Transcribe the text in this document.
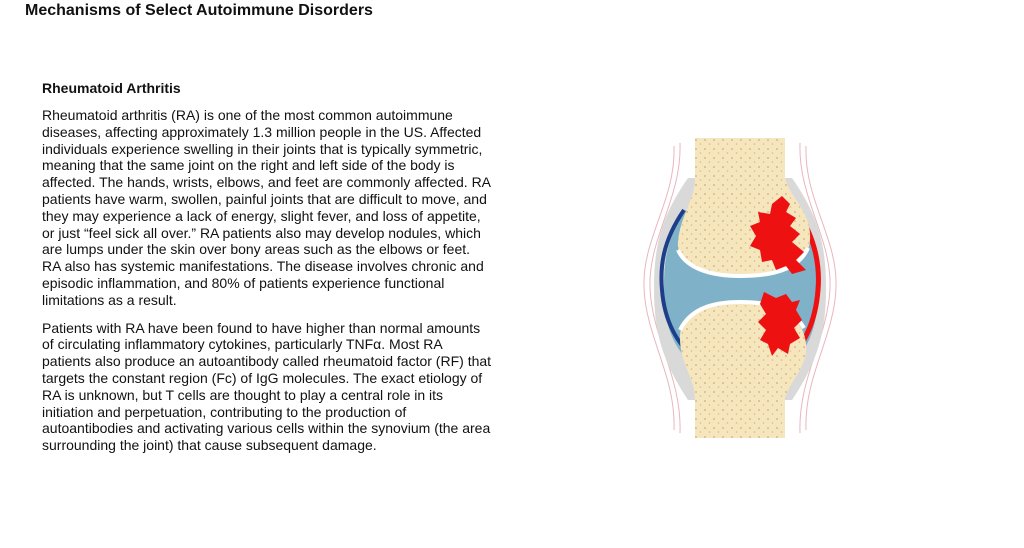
Mechanisms of Select Autoimmune Disorders
Rheumatoid Arthritis

Rheumatoid arthritis (RA) is one of the most common autoimmune diseases, affecting approximately 1.3 million people in the US. Affected individuals experience swelling in their joints that is typically symmetric, meaning that the same joint on the right and left side of the body is affected. The hands, wrists, elbows, and feet are commonly affected. RA patients have warm, swollen, painful joints that are difficult to move, and they may experience a lack of energy, slight fever, and loss of appetite, or just “feel sick all over.” RA patients also may develop nodules, which are lumps under the skin over bony areas such as the elbows or feet. RA also has systemic manifestations. The disease involves chronic and episodic inflammation, and 80% of patients experience functional limitations as a result.

Patients with RA have been found to have higher than normal amounts of circulating inflammatory cytokines, particularly TNFα. Most RA patients also produce an autoantibody called rheumatoid factor (RF) that targets the constant region (Fc) of IgG molecules. The exact etiology of RA is unknown, but T cells are thought to play a central role in its initiation and perpetuation, contributing to the production of autoantibodies and activating various cells within the synovium (the area surrounding the joint) that cause subsequent damage.
